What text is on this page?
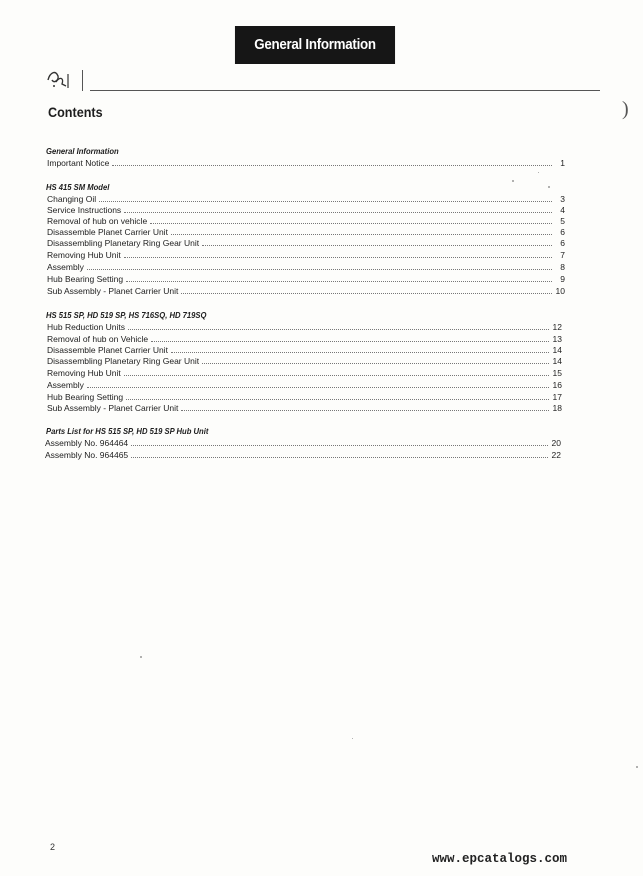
General Information
Contents	)
General Information
Important Notice	1
HS 415 SM Model
Changing Oil	3
Service Instructions	4
Removal of hub on vehicle	5
Disassemble Planet Carrier Unit	6
Disassembling Planetary Ring Gear Unit	6
Removing Hub Unit	7
Assembly	8
Hub Bearing Setting	9
Sub Assembly - Planet Carrier Unit	10
HS 515 SP, HD 519 SP, HS 716SQ, HD 719SQ
Hub Reduction Units	12
Removal of hub on Vehicle	13
Disassemble Planet Carrier Unit	14
Disassembling Planetary Ring Gear Unit	14
Removing Hub Unit	15
Assembly	16
Hub Bearing Setting	17
Sub Assembly - Planet Carrier Unit	18
Parts List for HS 515 SP, HD 519 SP Hub Unit
Assembly No. 964464	20
Assembly No. 964465	22
2
www.epcatalogs.com
